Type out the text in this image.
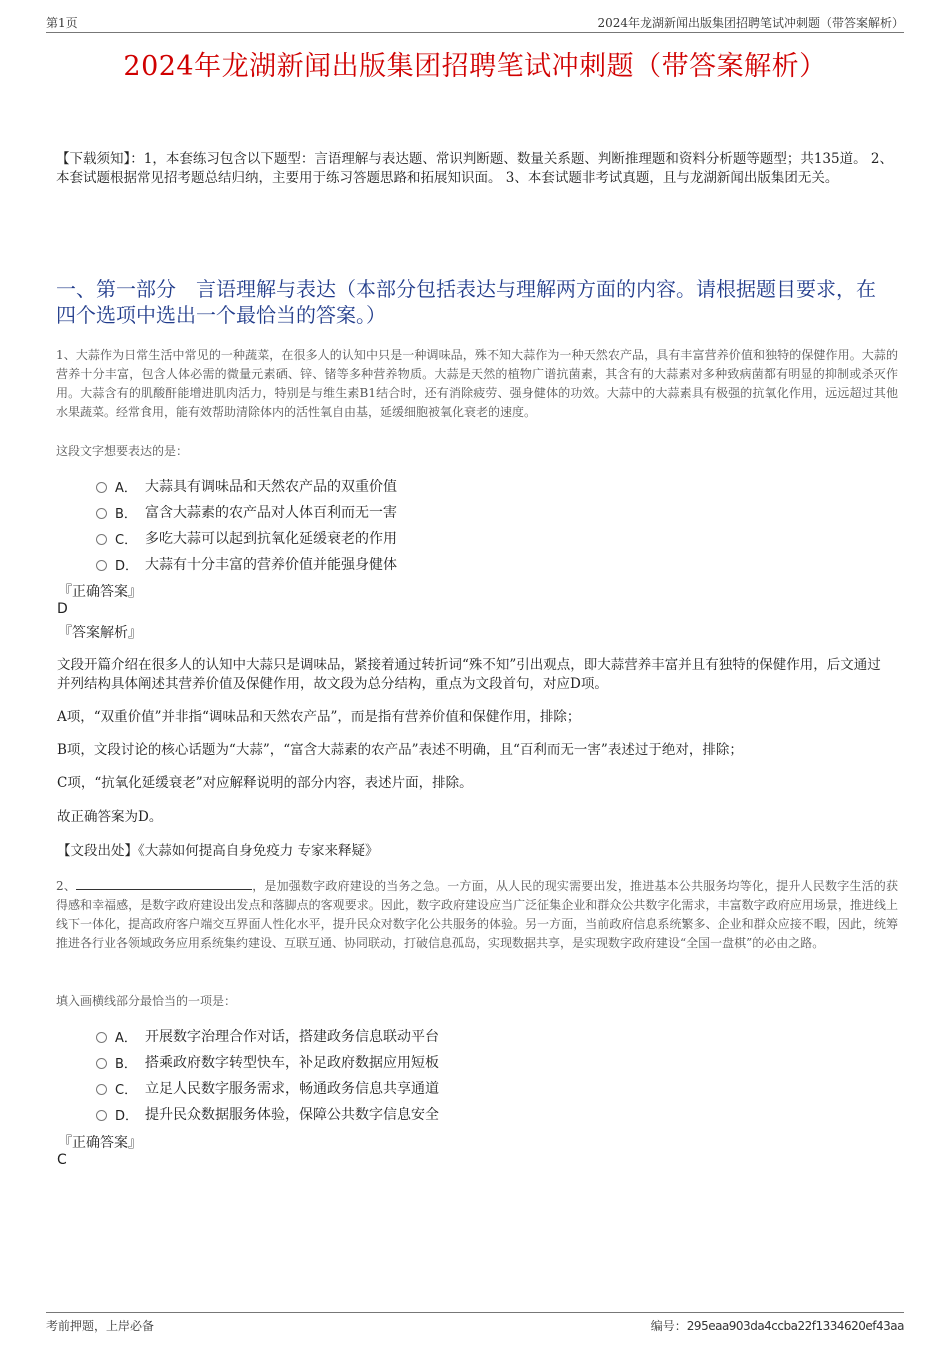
第1页	2024年龙湖新闻出版集团招聘笔试冲刺题（带答案解析）
2024年龙湖新闻出版集团招聘笔试冲刺题（带答案解析）
【下载须知】：1，本套练习包含以下题型：言语理解与表达题、常识判断题、数量关系题、判断推理题和资料分析题等题型；共135道。 2、本套试题根据常见招考题总结归纳，主要用于练习答题思路和拓展知识面。 3、本套试题非考试真题，且与龙湖新闻出版集团无关。
一、第一部分　言语理解与表达（本部分包括表达与理解两方面的内容。请根据题目要求，在四个选项中选出一个最恰当的答案。）
1、大蒜作为日常生活中常见的一种蔬菜，在很多人的认知中只是一种调味品，殊不知大蒜作为一种天然农产品，具有丰富营养价值和独特的保健作用。大蒜的营养十分丰富，包含人体必需的微量元素硒、锌、锗等多种营养物质。大蒜是天然的植物广谱抗菌素，其含有的大蒜素对多种致病菌都有明显的抑制或杀灭作用。大蒜含有的肌酸酐能增进肌肉活力，特别是与维生素B1结合时，还有消除疲劳、强身健体的功效。大蒜中的大蒜素具有极强的抗氧化作用，远远超过其他水果蔬菜。经常食用，能有效帮助清除体内的活性氧自由基，延缓细胞被氧化衰老的速度。
这段文字想要表达的是：
A． 大蒜具有调味品和天然农产品的双重价值
B． 富含大蒜素的农产品对人体百利而无一害
C． 多吃大蒜可以起到抗氧化延缓衰老的作用
D． 大蒜有十分丰富的营养价值并能强身健体
『正确答案』
D
『答案解析』
文段开篇介绍在很多人的认知中大蒜只是调味品，紧接着通过转折词“殊不知”引出观点，即大蒜营养丰富并且有独特的保健作用，后文通过并列结构具体阐述其营养价值及保健作用，故文段为总分结构，重点为文段首句，对应D项。
A项，“双重价值”并非指“调味品和天然农产品”，而是指有营养价值和保健作用，排除；
B项，文段讨论的核心话题为“大蒜”，“富含大蒜素的农产品”表述不明确，且“百利而无一害”表述过于绝对，排除；
C项，“抗氧化延缓衰老”对应解释说明的部分内容，表述片面，排除。
故正确答案为D。
【文段出处】《大蒜如何提高自身免疫力 专家来释疑》
2、	，是加强数字政府建设的当务之急。一方面，从人民的现实需要出发，推进基本公共服务均等化，提升人民数字生活的获得感和幸福感，是数字政府建设出发点和落脚点的客观要求。因此，数字政府建设应当广泛征集企业和群众公共数字化需求，丰富数字政府应用场景，推进线上线下一体化，提高政府客户端交互界面人性化水平，提升民众对数字化公共服务的体验。另一方面，当前政府信息系统繁多、企业和群众应接不暇，因此，统筹推进各行业各领域政务应用系统集约建设、互联互通、协同联动，打破信息孤岛，实现数据共享，是实现数字政府建设“全国一盘棋”的必由之路。
填入画横线部分最恰当的一项是：
A． 开展数字治理合作对话，搭建政务信息联动平台
B． 搭乘政府数字转型快车，补足政府数据应用短板
C． 立足人民数字服务需求，畅通政务信息共享通道
D． 提升民众数据服务体验，保障公共数字信息安全
『正确答案』
C
考前押题，上岸必备	编号：295eaa903da4ccba22f1334620ef43aa
